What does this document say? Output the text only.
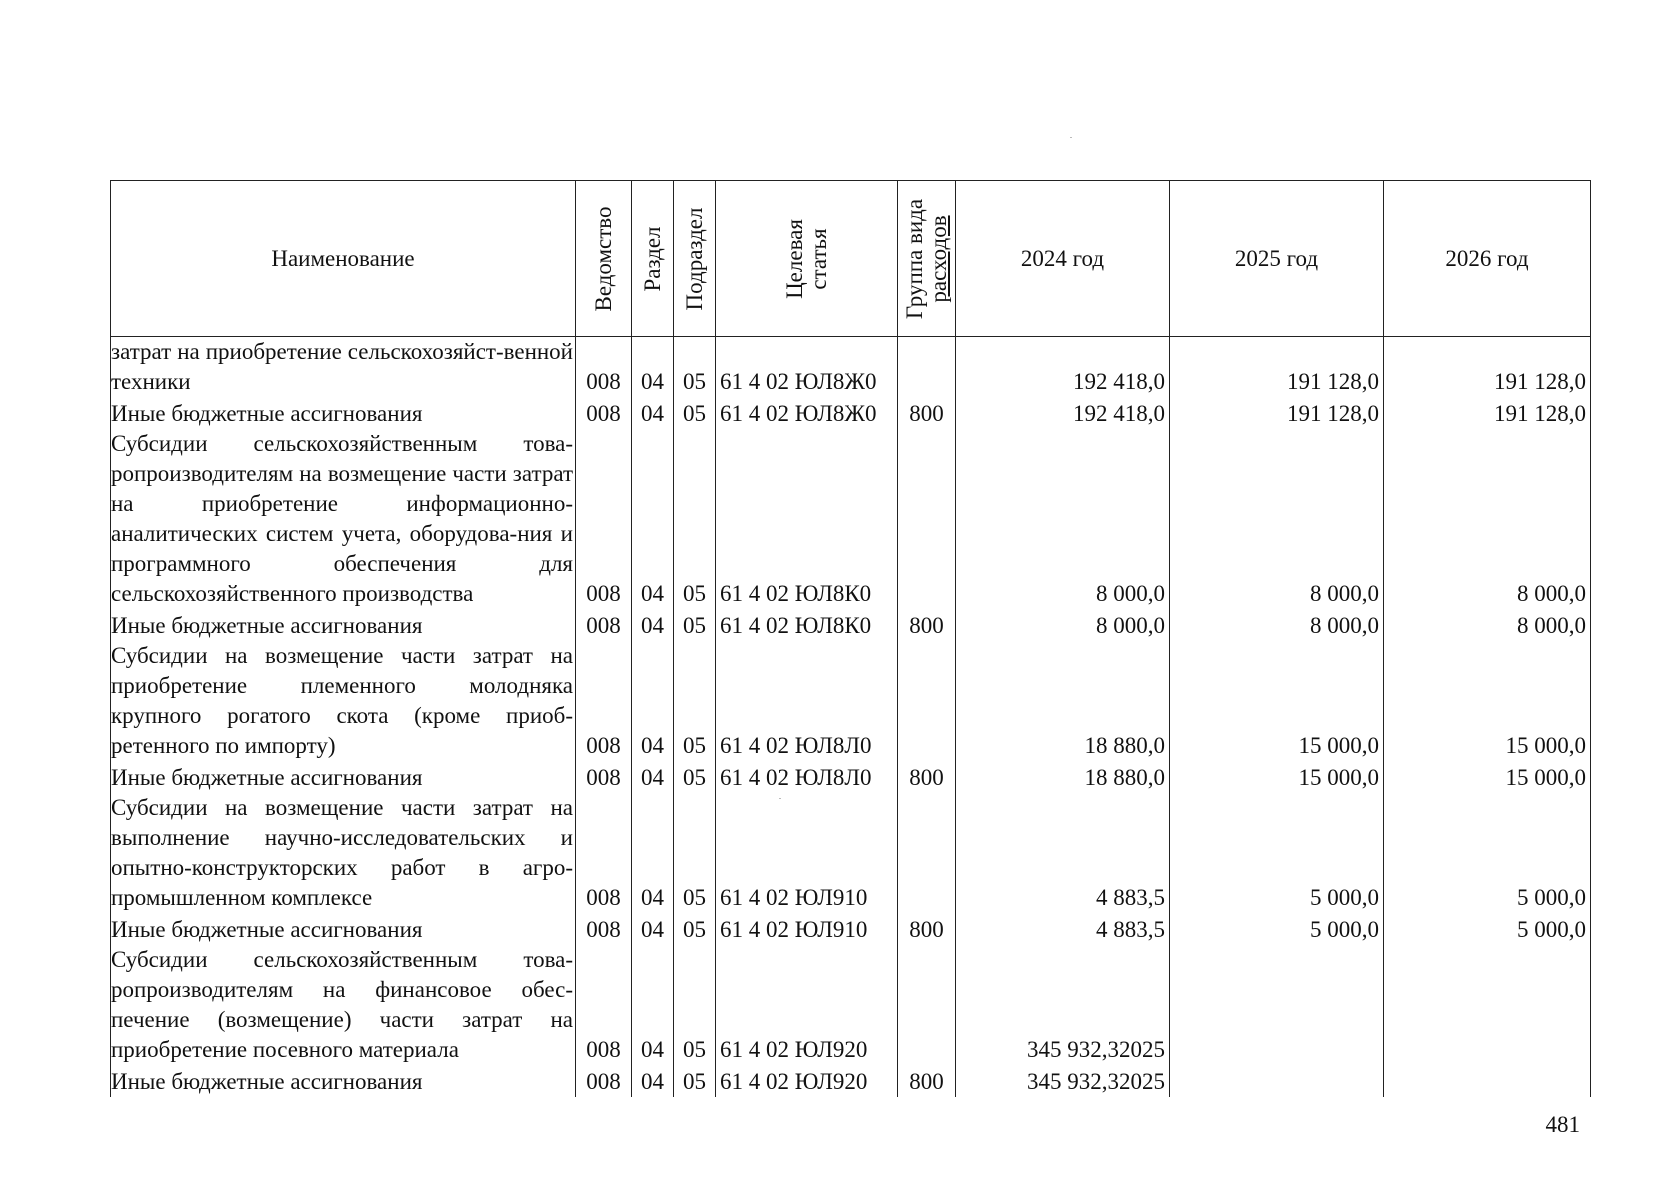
Наименование	Ведомство	Раздел	Подраздел	Целевая статья	Группа вида расходов	2024 год	2025 год	2026 год
затрат на приобретение сельскохозяйст-венной техники	008	04	05	61 4 02 ЮЛ8Ж0		192 418,0	191 128,0	191 128,0
Иные бюджетные ассигнования	008	04	05	61 4 02 ЮЛ8Ж0	800	192 418,0	191 128,0	191 128,0
Субсидии сельскохозяйственным това-ропроизводителям на возмещение части затрат на приобретение информационно-аналитических систем учета, оборудова-ния и программного обеспечения для сельскохозяйственного производства	008	04	05	61 4 02 ЮЛ8К0		8 000,0	8 000,0	8 000,0
Иные бюджетные ассигнования	008	04	05	61 4 02 ЮЛ8К0	800	8 000,0	8 000,0	8 000,0
Субсидии на возмещение части затрат на приобретение племенного молодняка крупного рогатого скота (кроме приоб-ретенного по импорту)	008	04	05	61 4 02 ЮЛ8Л0		18 880,0	15 000,0	15 000,0
Иные бюджетные ассигнования	008	04	05	61 4 02 ЮЛ8Л0	800	18 880,0	15 000,0	15 000,0
Субсидии на возмещение части затрат на выполнение научно-исследовательских и опытно-конструкторских работ в агро-промышленном комплексе	008	04	05	61 4 02 ЮЛ910		4 883,5	5 000,0	5 000,0
Иные бюджетные ассигнования	008	04	05	61 4 02 ЮЛ910	800	4 883,5	5 000,0	5 000,0
Субсидии сельскохозяйственным това-ропроизводителям на финансовое обес-печение (возмещение) части затрат на приобретение посевного материала	008	04	05	61 4 02 ЮЛ920		345 932,32025		
Иные бюджетные ассигнования	008	04	05	61 4 02 ЮЛ920	800	345 932,32025		
481
